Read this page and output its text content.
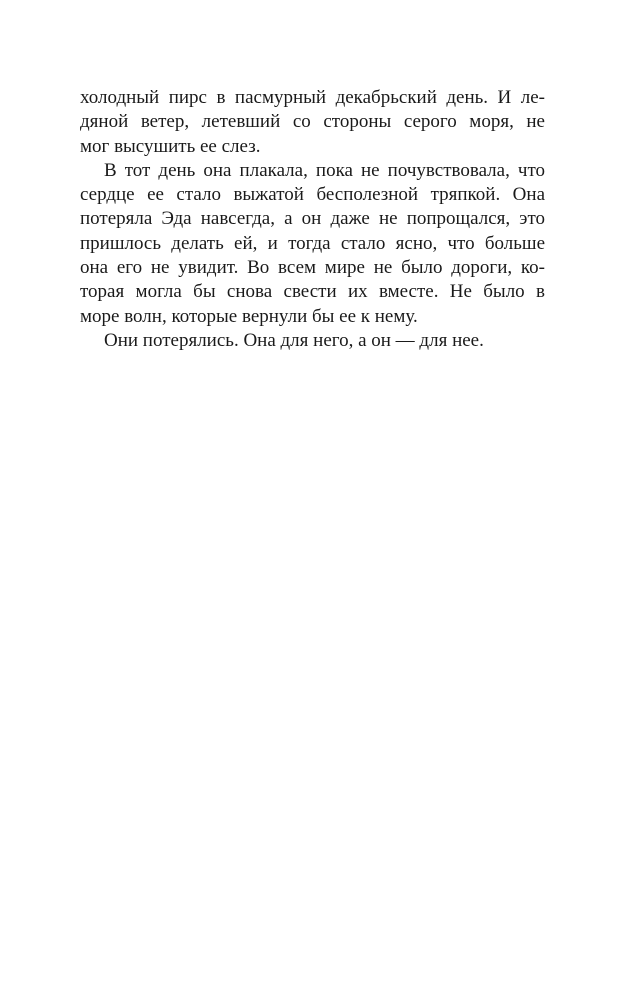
холодный пирс в пасмурный декабрьский день. И ле-
дяной ветер, летевший со стороны серого моря, не
мог высушить ее слез.
В тот день она плакала, пока не почувствовала, что
сердце ее стало выжатой бесполезной тряпкой. Она
потеряла Эда навсегда, а он даже не попрощался, это
пришлось делать ей, и тогда стало ясно, что больше
она его не увидит. Во всем мире не было дороги, ко-
торая могла бы снова свести их вместе. Не было в
море волн, которые вернули бы ее к нему.
Они потерялись. Она для него, а он — для нее.
